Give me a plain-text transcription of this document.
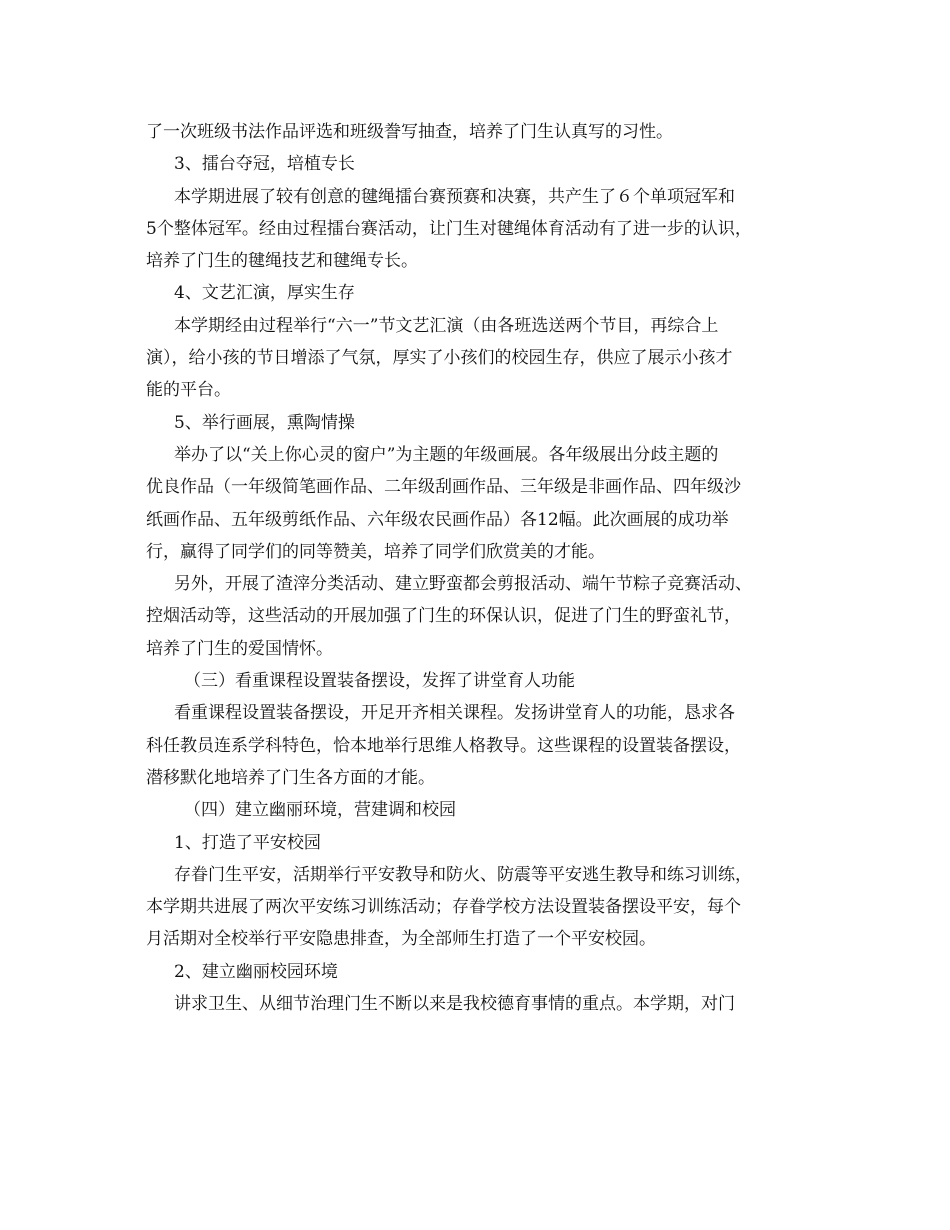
了一次班级书法作品评选和班级誊写抽查，培养了门生认真写的习性。
3、擂台夺冠，培植专长
本学期进展了较有创意的毽绳擂台赛预赛和决赛，共产生了６个单项冠军和
5个整体冠军。经由过程擂台赛活动，让门生对毽绳体育活动有了进一步的认识，
培养了门生的毽绳技艺和毽绳专长。
4、文艺汇演，厚实生存
本学期经由过程举行“六一”节文艺汇演（由各班选送两个节目，再综合上
演），给小孩的节日增添了气氛，厚实了小孩们的校园生存，供应了展示小孩才
能的平台。
5、举行画展，熏陶情操
举办了以“关上你心灵的窗户”为主题的年级画展。各年级展出分歧主题的
优良作品（一年级简笔画作品、二年级刮画作品、三年级是非画作品、四年级沙
纸画作品、五年级剪纸作品、六年级农民画作品）各12幅。此次画展的成功举
行，赢得了同学们的同等赞美，培养了同学们欣赏美的才能。
另外，开展了渣滓分类活动、建立野蛮都会剪报活动、端午节粽子竞赛活动、
控烟活动等，这些活动的开展加强了门生的环保认识，促进了门生的野蛮礼节，
培养了门生的爱国情怀。
（三）看重课程设置装备摆设，发挥了讲堂育人功能
看重课程设置装备摆设，开足开齐相关课程。发扬讲堂育人的功能，恳求各
科任教员连系学科特色，恰本地举行思维人格教导。这些课程的设置装备摆设，
潜移默化地培养了门生各方面的才能。
（四）建立幽丽环境，营建调和校园
1、打造了平安校园
存眷门生平安，活期举行平安教导和防火、防震等平安逃生教导和练习训练，
本学期共进展了两次平安练习训练活动；存眷学校方法设置装备摆设平安，每个
月活期对全校举行平安隐患排查，为全部师生打造了一个平安校园。
2、建立幽丽校园环境
讲求卫生、从细节治理门生不断以来是我校德育事情的重点。本学期，对门
